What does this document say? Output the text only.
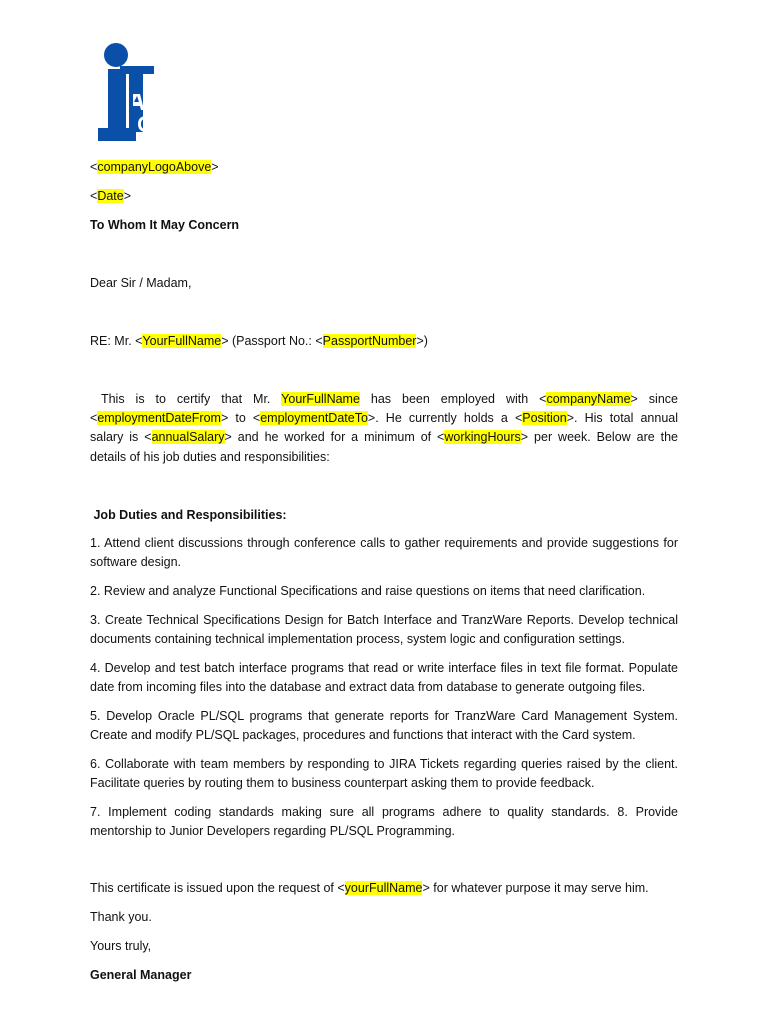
<companyLogoAbove>
<Date>
To Whom It May Concern
Dear Sir / Madam,
RE: Mr. <YourFullName> (Passport No.: <PassportNumber>)
This is to certify that Mr. YourFullName has been employed with <companyName> since <employmentDateFrom> to <employmentDateTo>. He currently holds a <Position>. His total annual salary is <annualSalary> and he worked for a minimum of <workingHours> per week. Below are the details of his job duties and responsibilities:
Job Duties and Responsibilities:
1. Attend client discussions through conference calls to gather requirements and provide suggestions for software design.
2. Review and analyze Functional Specifications and raise questions on items that need clarification.
3. Create Technical Specifications Design for Batch Interface and TranzWare Reports. Develop technical documents containing technical implementation process, system logic and configuration settings.
4. Develop and test batch interface programs that read or write interface files in text file format. Populate date from incoming files into the database and extract data from database to generate outgoing files.
5. Develop Oracle PL/SQL programs that generate reports for TranzWare Card Management System. Create and modify PL/SQL packages, procedures and functions that interact with the Card system.
6. Collaborate with team members by responding to JIRA Tickets regarding queries raised by the client. Facilitate queries by routing them to business counterpart asking them to provide feedback.
7. Implement coding standards making sure all programs adhere to quality standards. 8. Provide mentorship to Junior Developers regarding PL/SQL Programming.
This certificate is issued upon the request of <yourFullName> for whatever purpose it may serve him.
Thank you.
Yours truly,
General Manager
